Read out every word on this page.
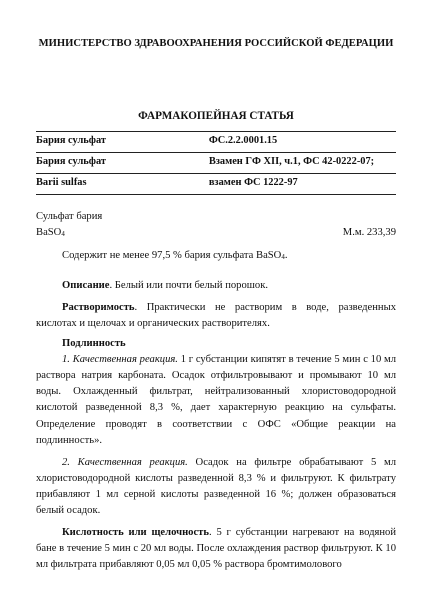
МИНИСТЕРСТВО ЗДРАВООХРАНЕНИЯ РОССИЙСКОЙ ФЕДЕРАЦИИ
ФАРМАКОПЕЙНАЯ СТАТЬЯ
Бария сульфат	ФС.2.2.0001.15
Бария сульфат	Взамен ГФ XII, ч.1, ФС 42-0222-07;
Barii sulfas	взамен ФС 1222-97
Сульфат бария
BaSO$_4$	М.м. 233,39

Содержит не менее 97,5 % бария сульфата BaSO$_4$.

Описание. Белый или почти белый порошок.

Растворимость. Практически не растворим в воде, разведенных кислотах и щелочах и органических растворителях.

Подлинность

1. Качественная реакция. 1 г субстанции кипятят в течение 5 мин с 10 мл раствора натрия карбоната. Осадок отфильтровывают и промывают 10 мл воды. Охлажденный фильтрат, нейтрализованный хлористоводородной кислотой разведенной 8,3 %, дает характерную реакцию на сульфаты. Определение проводят в соответствии с ОФС «Общие реакции на подлинность».

2. Качественная реакция. Осадок на фильтре обрабатывают 5 мл хлористоводородной кислоты разведенной 8,3 % и фильтруют. К фильтрату прибавляют 1 мл серной кислоты разведенной 16 %; должен образоваться белый осадок.

Кислотность или щелочность. 5 г субстанции нагревают на водяной бане в течение 5 мин с 20 мл воды. После охлаждения раствор фильтруют. К 10 мл фильтрата прибавляют 0,05 мл 0,05 % раствора бромтимолового
